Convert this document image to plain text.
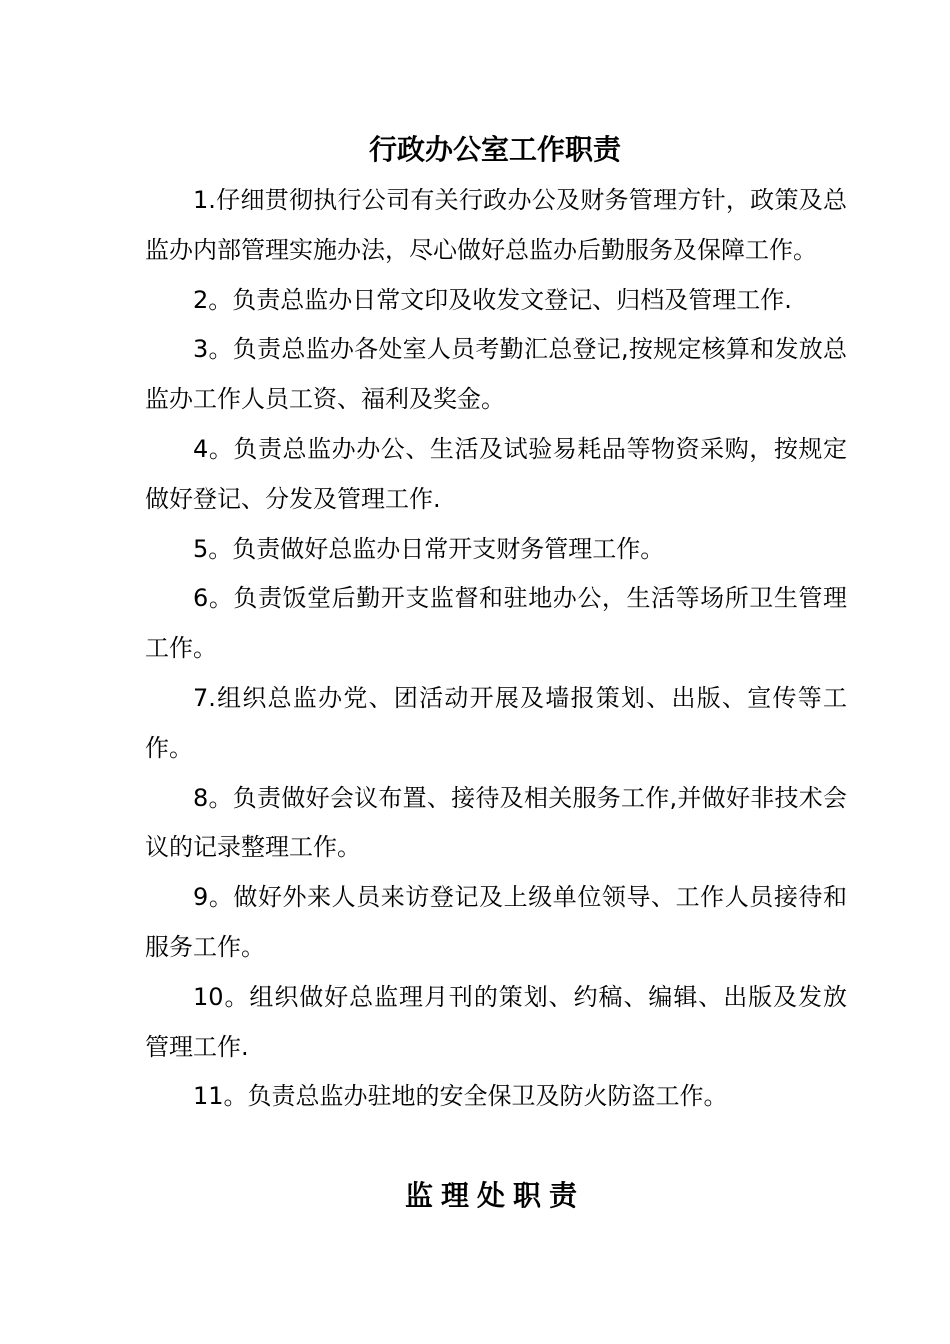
行政办公室工作职责

1.仔细贯彻执行公司有关行政办公及财务管理方针，政策及总监办内部管理实施办法，尽心做好总监办后勤服务及保障工作。

2。负责总监办日常文印及收发文登记、归档及管理工作.

3。负责总监办各处室人员考勤汇总登记,按规定核算和发放总监办工作人员工资、福利及奖金。

4。负责总监办办公、生活及试验易耗品等物资采购，按规定做好登记、分发及管理工作.

5。负责做好总监办日常开支财务管理工作。

6。负责饭堂后勤开支监督和驻地办公，生活等场所卫生管理工作。

7.组织总监办党、团活动开展及墙报策划、出版、宣传等工作。

8。负责做好会议布置、接待及相关服务工作,并做好非技术会议的记录整理工作。

9。做好外来人员来访登记及上级单位领导、工作人员接待和服务工作。

10。组织做好总监理月刊的策划、约稿、编辑、出版及发放管理工作.

11。负责总监办驻地的安全保卫及防火防盗工作。

监理处职责
